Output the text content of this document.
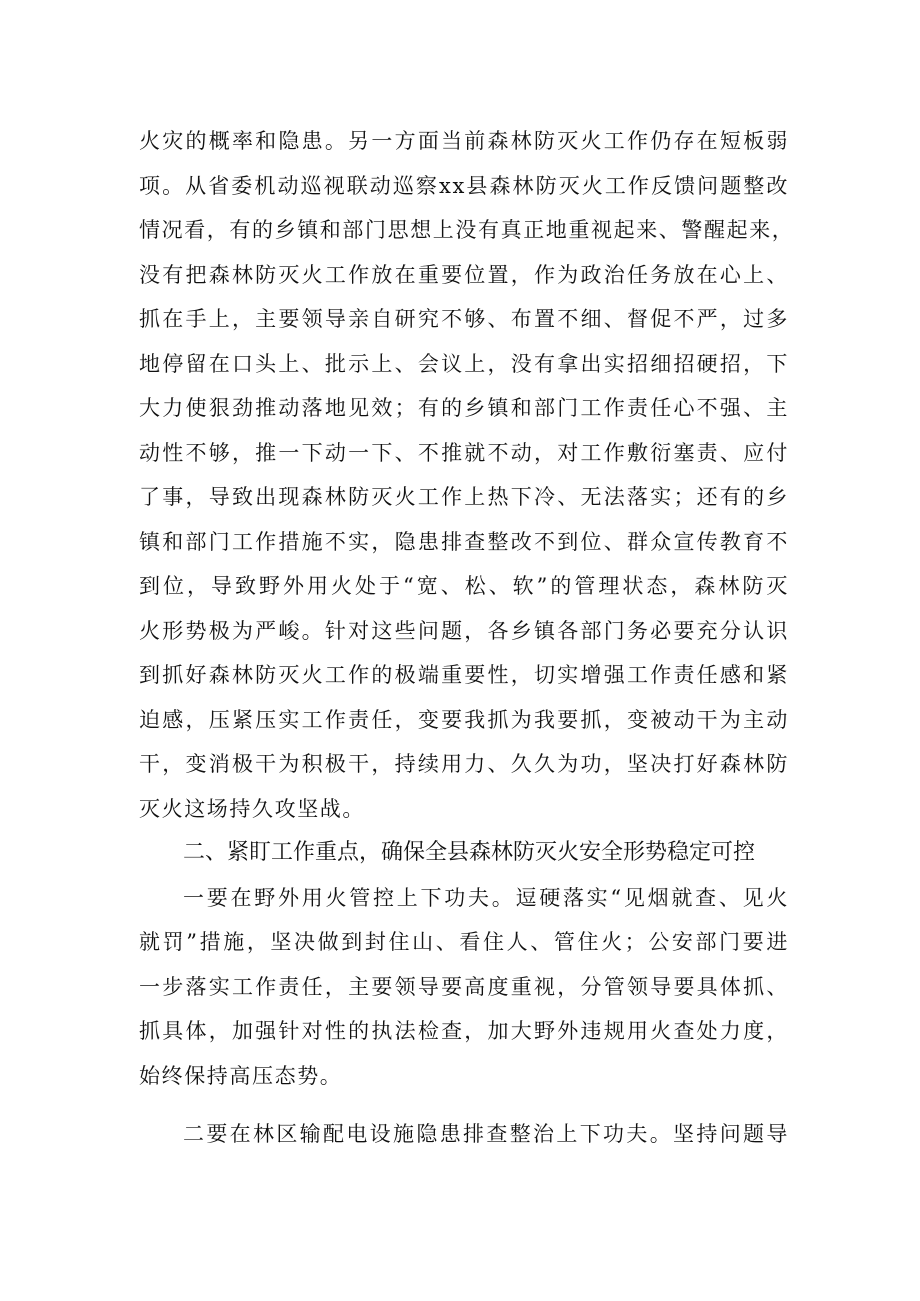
火灾的概率和隐患。另一方面当前森林防灭火工作仍存在短板弱
项。从省委机动巡视联动巡察xx县森林防灭火工作反馈问题整改
情况看，有的乡镇和部门思想上没有真正地重视起来、警醒起来，
没有把森林防灭火工作放在重要位置，作为政治任务放在心上、
抓在手上，主要领导亲自研究不够、布置不细、督促不严，过多
地停留在口头上、批示上、会议上，没有拿出实招细招硬招，下
大力使狠劲推动落地见效；有的乡镇和部门工作责任心不强、主
动性不够，推一下动一下、不推就不动，对工作敷衍塞责、应付
了事，导致出现森林防灭火工作上热下冷、无法落实；还有的乡
镇和部门工作措施不实，隐患排查整改不到位、群众宣传教育不
到位，导致野外用火处于“宽、松、软”的管理状态，森林防灭
火形势极为严峻。针对这些问题，各乡镇各部门务必要充分认识
到抓好森林防灭火工作的极端重要性，切实增强工作责任感和紧
迫感，压紧压实工作责任，变要我抓为我要抓，变被动干为主动
干，变消极干为积极干，持续用力、久久为功，坚决打好森林防
灭火这场持久攻坚战。
二、紧盯工作重点，确保全县森林防灭火安全形势稳定可控
一要在野外用火管控上下功夫。逗硬落实“见烟就查、见火
就罚”措施，坚决做到封住山、看住人、管住火；公安部门要进
一步落实工作责任，主要领导要高度重视，分管领导要具体抓、
抓具体，加强针对性的执法检查，加大野外违规用火查处力度，
始终保持高压态势。
二要在林区输配电设施隐患排查整治上下功夫。坚持问题导
